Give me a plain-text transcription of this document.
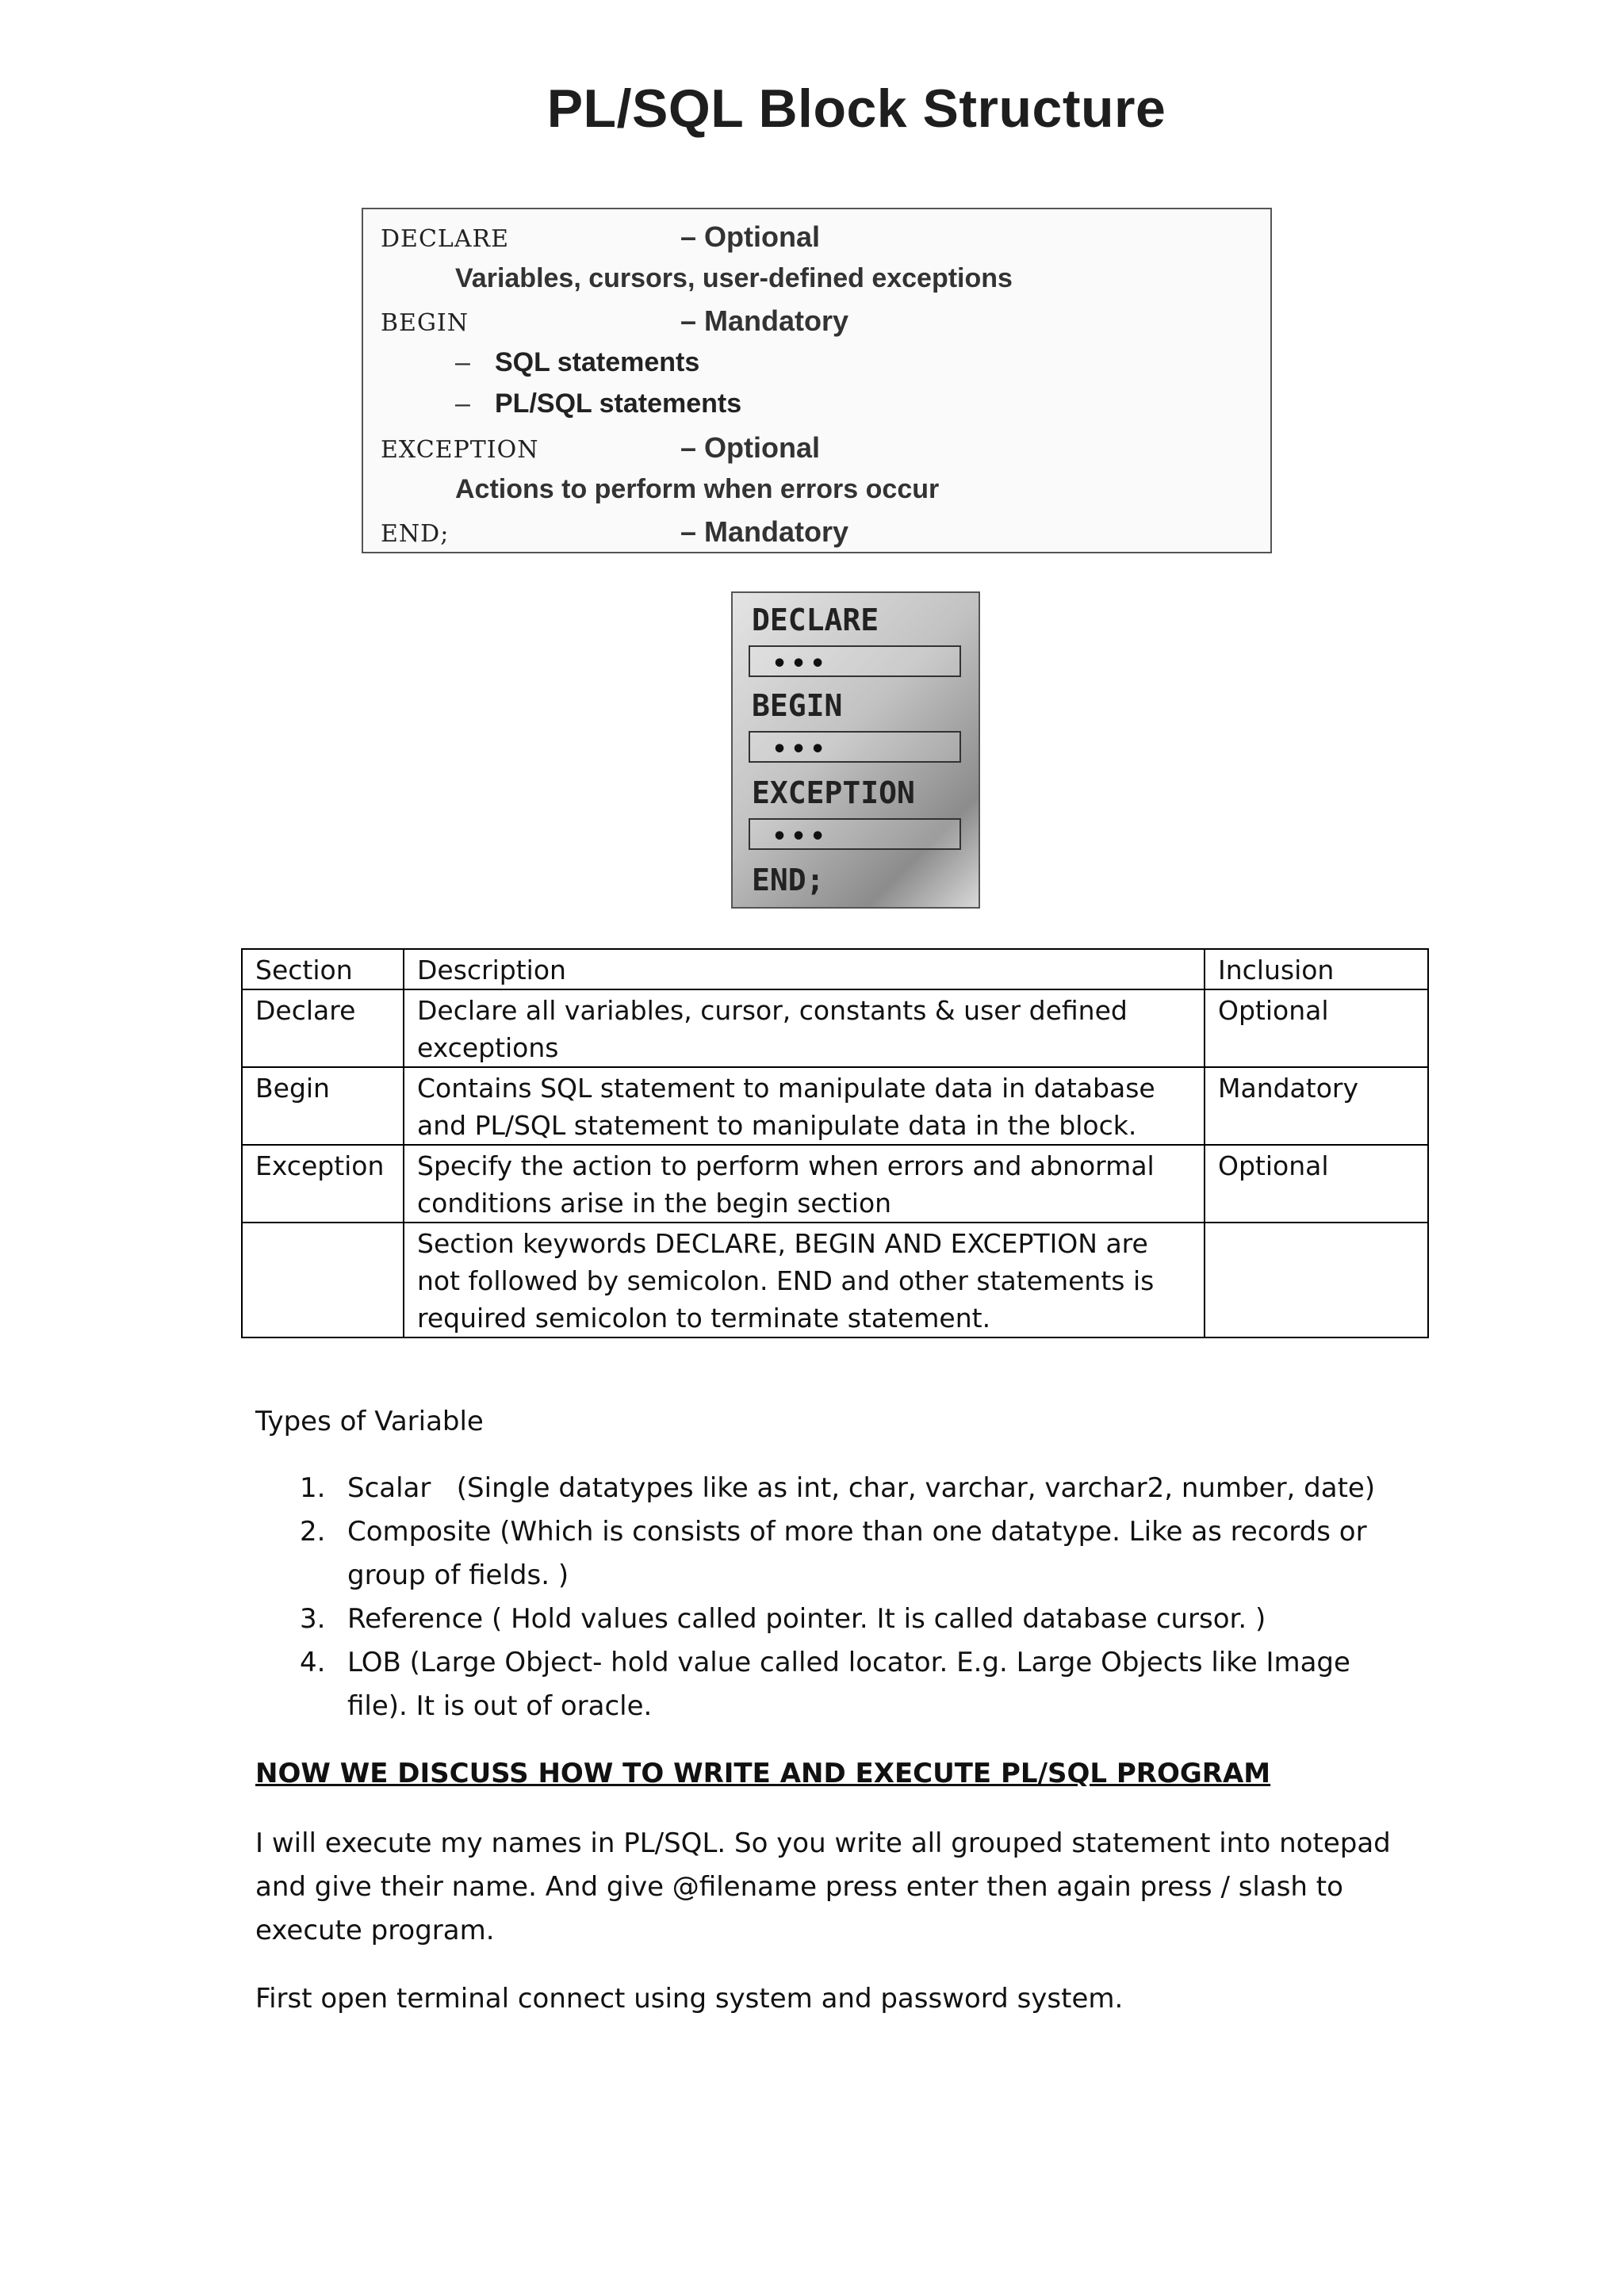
PL/SQL Block Structure
DECLARE	– Optional
Variables, cursors, user-defined exceptions
BEGIN	– Mandatory
– SQL statements
– PL/SQL statements
EXCEPTION	– Optional
Actions to perform when errors occur
END;	– Mandatory
DECLARE
•••
BEGIN
•••
EXCEPTION
•••
END;
Section	Description	Inclusion
Declare	Declare all variables, cursor, constants & user defined exceptions	Optional
Begin	Contains SQL statement to manipulate data in database and PL/SQL statement to manipulate data in the block.	Mandatory
Exception	Specify the action to perform when errors and abnormal conditions arise in the begin section	Optional
	Section keywords DECLARE, BEGIN AND EXCEPTION are not followed by semicolon. END and other statements is required semicolon to terminate statement.	
Types of Variable
1. Scalar   (Single datatypes like as int, char, varchar, varchar2, number, date)
2. Composite (Which is consists of more than one datatype. Like as records or group of fields. )
3. Reference ( Hold values called pointer. It is called database cursor. )
4. LOB (Large Object- hold value called locator. E.g. Large Objects like Image file). It is out of oracle.
NOW WE DISCUSS HOW TO WRITE AND EXECUTE PL/SQL PROGRAM
I will execute my names in PL/SQL. So you write all grouped statement into notepad and give their name. And give @filename press enter then again press / slash to execute program.
First open terminal connect using system and password system.
